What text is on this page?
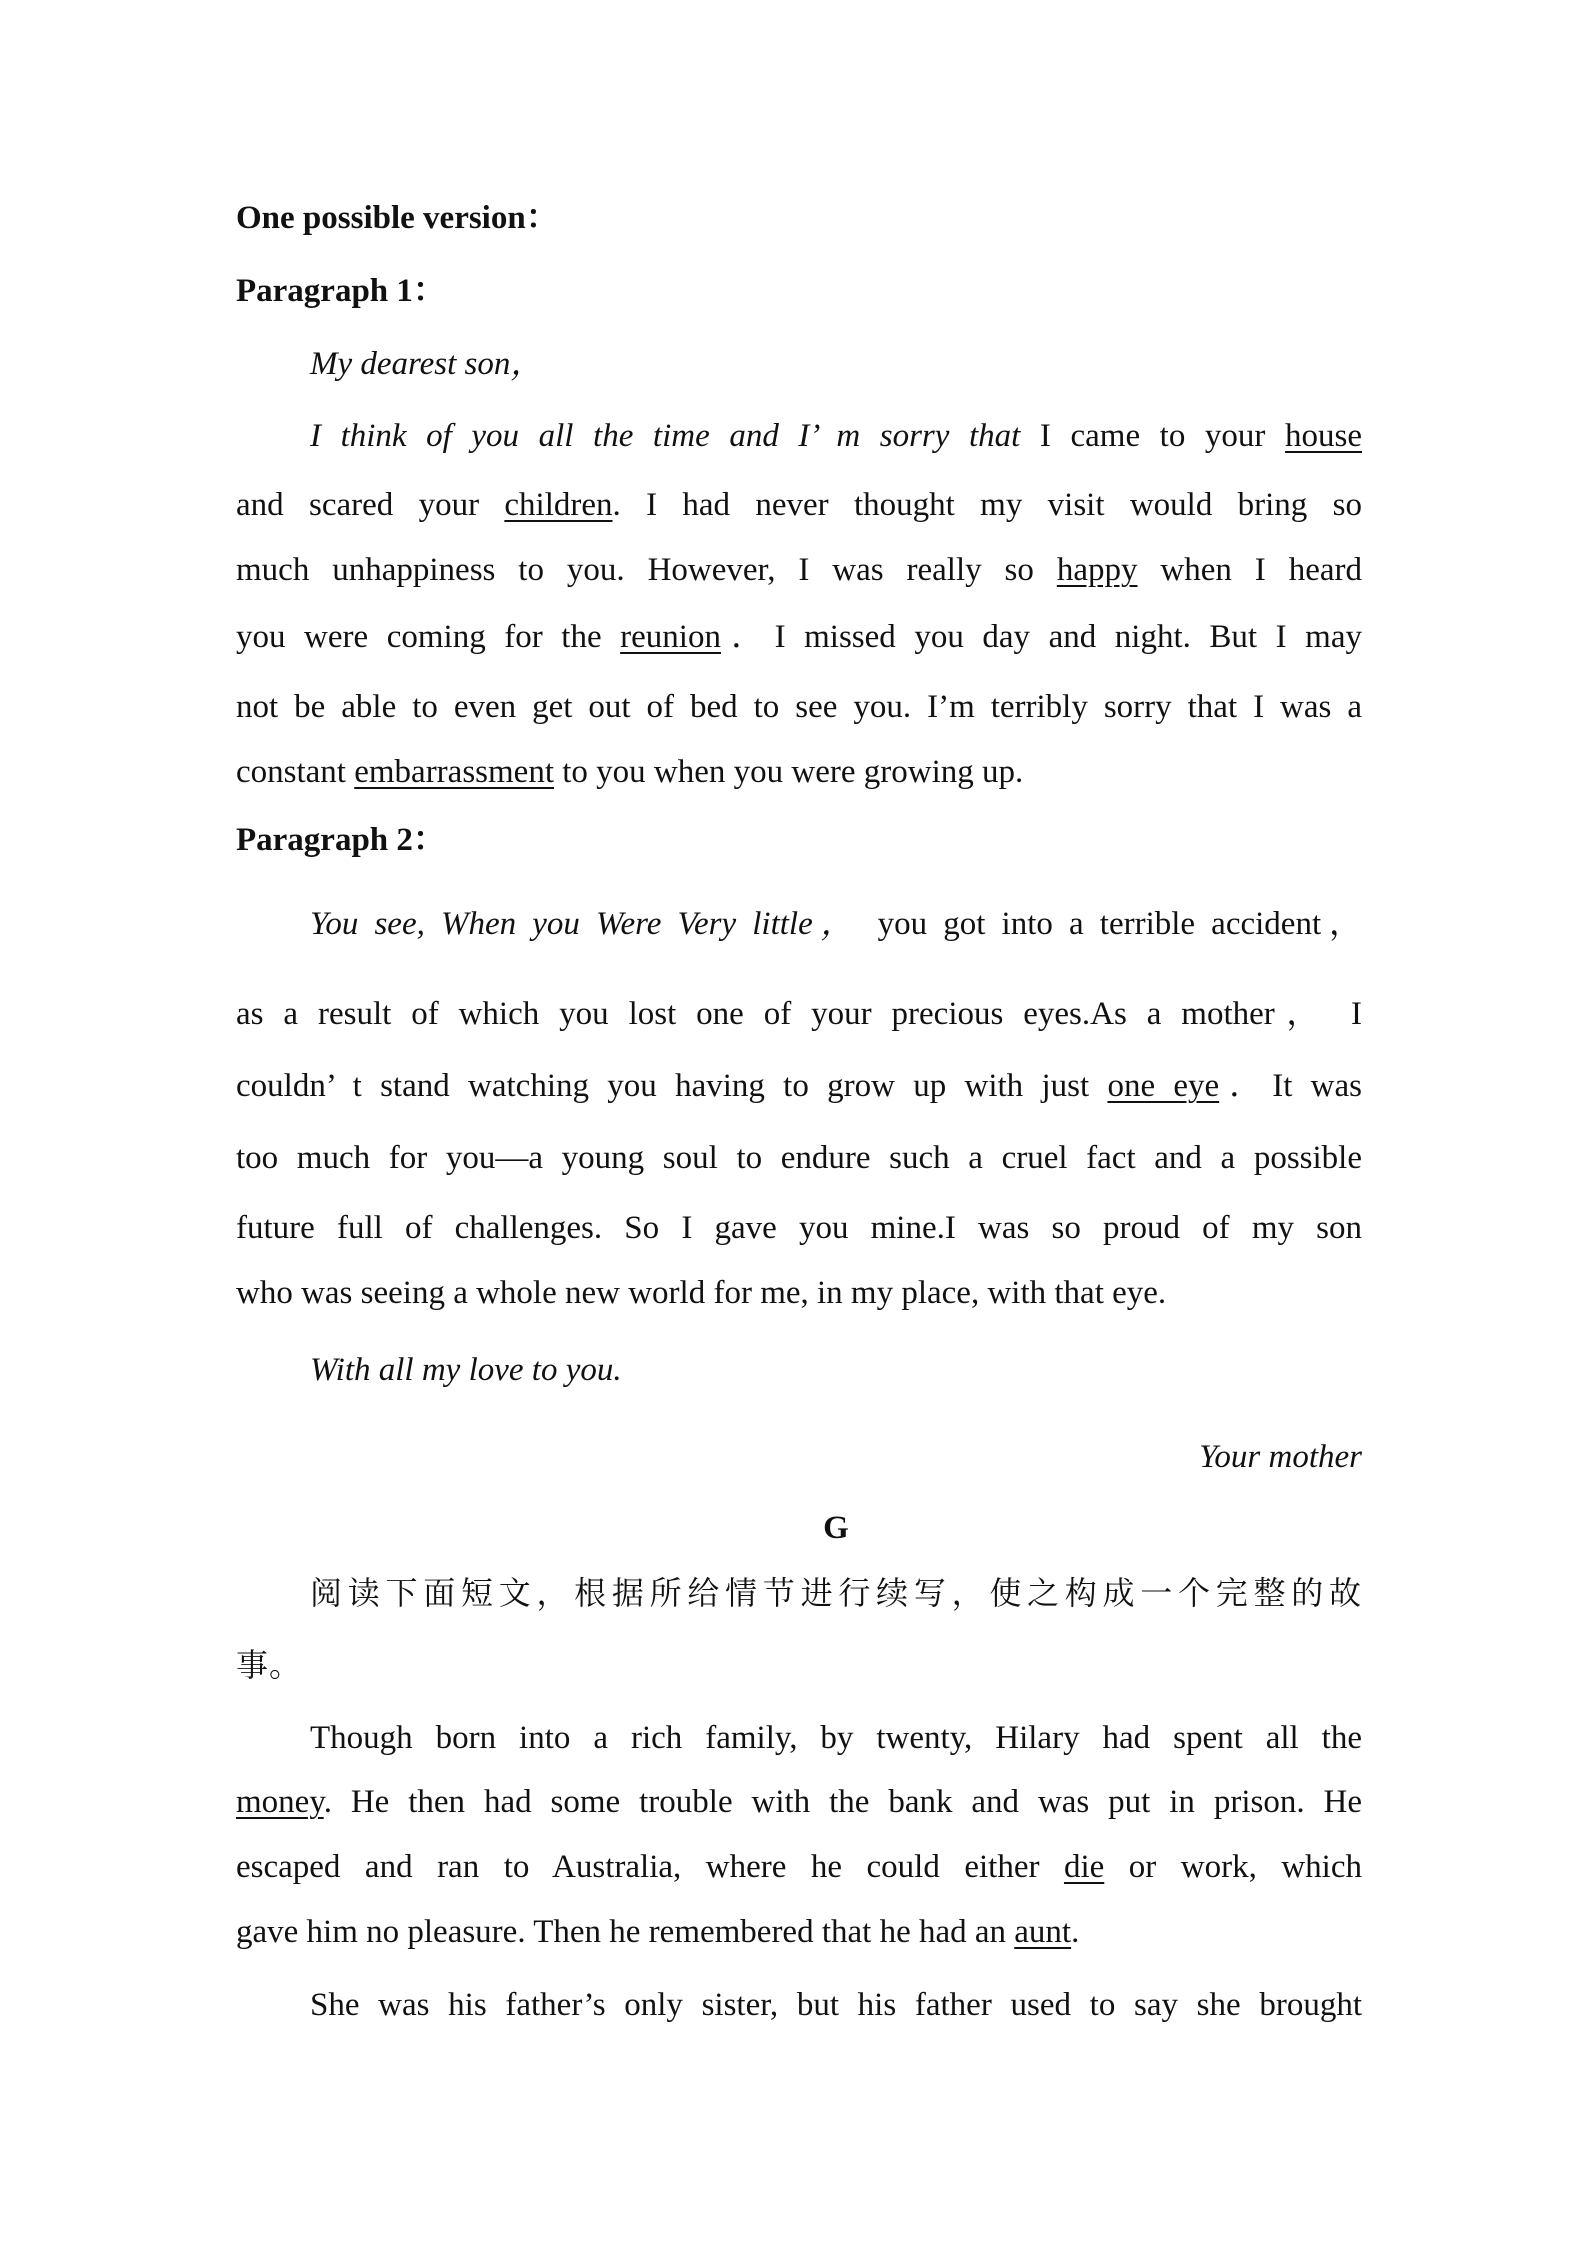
One possible version：

Paragraph 1：

My dearest son，

I think of you all the time and I’ m sorry that I came to your house

and scared your children. I had never thought my visit would bring so

much unhappiness to you. However, I was really so happy when I heard

you were coming for the reunion．I missed you day and night. But I may

not be able to even get out of bed to see you. I’m terribly sorry that I was a

constant embarrassment to you when you were growing up.

Paragraph 2：

You see, When you Were Very little， you got into a terrible accident，

as a result of which you lost one of your precious eyes.As a mother， I

couldn’ t stand watching you having to grow up with just one eye．It was

too much for you—a young soul to endure such a cruel fact and a possible

future full of challenges. So I gave you mine.I was so proud of my son

who was seeing a whole new world for me, in my place, with that eye.

With all my love to you.

Your mother

G

阅读下面短文，根据所给情节进行续写，使之构成一个完整的故

事。

Though born into a rich family, by twenty, Hilary had spent all the

money. He then had some trouble with the bank and was put in prison. He

escaped and ran to Australia, where he could either die or work, which

gave him no pleasure. Then he remembered that he had an aunt.

She was his father’s only sister, but his father used to say she brought
